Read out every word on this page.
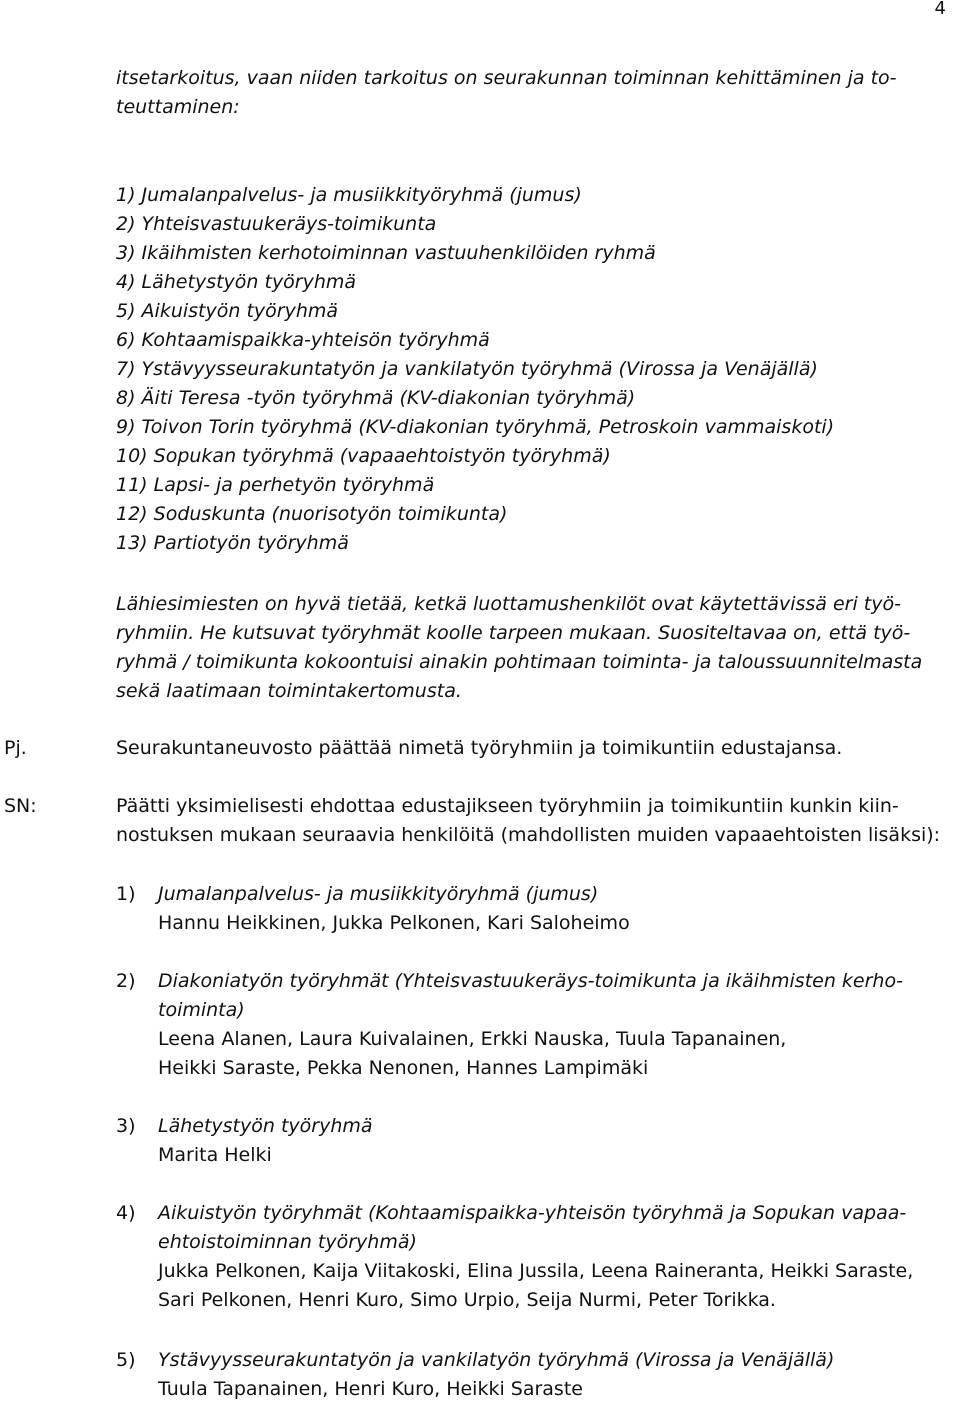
4
itsetarkoitus, vaan niiden tarkoitus on seurakunnan toiminnan kehittäminen ja to-
teuttaminen:
1) Jumalanpalvelus- ja musiikkityöryhmä (jumus)
2) Yhteisvastuukeräys-toimikunta
3) Ikäihmisten kerhotoiminnan vastuuhenkilöiden ryhmä
4) Lähetystyön työryhmä
5) Aikuistyön työryhmä
6) Kohtaamispaikka-yhteisön työryhmä
7) Ystävyysseurakuntatyön ja vankilatyön työryhmä (Virossa ja Venäjällä)
8) Äiti Teresa -työn työryhmä (KV-diakonian työryhmä)
9) Toivon Torin työryhmä (KV-diakonian työryhmä, Petroskoin vammaiskoti)
10) Sopukan työryhmä (vapaaehtoistyön työryhmä)
11) Lapsi- ja perhetyön työryhmä
12) Soduskunta (nuorisotyön toimikunta)
13) Partiotyön työryhmä
Lähiesimiesten on hyvä tietää, ketkä luottamushenkilöt ovat käytettävissä eri työ-
ryhmiin. He kutsuvat työryhmät koolle tarpeen mukaan. Suositeltavaa on, että työ-
ryhmä / toimikunta kokoontuisi ainakin pohtimaan toiminta- ja taloussuunnitelmasta
sekä laatimaan toimintakertomusta.
Pj.	Seurakuntaneuvosto päättää nimetä työryhmiin ja toimikuntiin edustajansa.

SN:	Päätti yksimielisesti ehdottaa edustajikseen työryhmiin ja toimikuntiin kunkin kiin-
nostuksen mukaan seuraavia henkilöitä (mahdollisten muiden vapaaehtoisten lisäksi):
1) Jumalanpalvelus- ja musiikkityöryhmä (jumus)
Hannu Heikkinen, Jukka Pelkonen, Kari Saloheimo
2) Diakoniatyön työryhmät (Yhteisvastuukeräys-toimikunta ja ikäihmisten kerho-
toiminta)
Leena Alanen, Laura Kuivalainen, Erkki Nauska, Tuula Tapanainen,
Heikki Saraste, Pekka Nenonen, Hannes Lampimäki
3) Lähetystyön työryhmä
Marita Helki
4) Aikuistyön työryhmät (Kohtaamispaikka-yhteisön työryhmä ja Sopukan vapaa-
ehtoistoiminnan työryhmä)
Jukka Pelkonen, Kaija Viitakoski, Elina Jussila, Leena Raineranta, Heikki Saraste,
Sari Pelkonen, Henri Kuro, Simo Urpio, Seija Nurmi, Peter Torikka.
5) Ystävyysseurakuntatyön ja vankilatyön työryhmä (Virossa ja Venäjällä)
Tuula Tapanainen, Henri Kuro, Heikki Saraste
